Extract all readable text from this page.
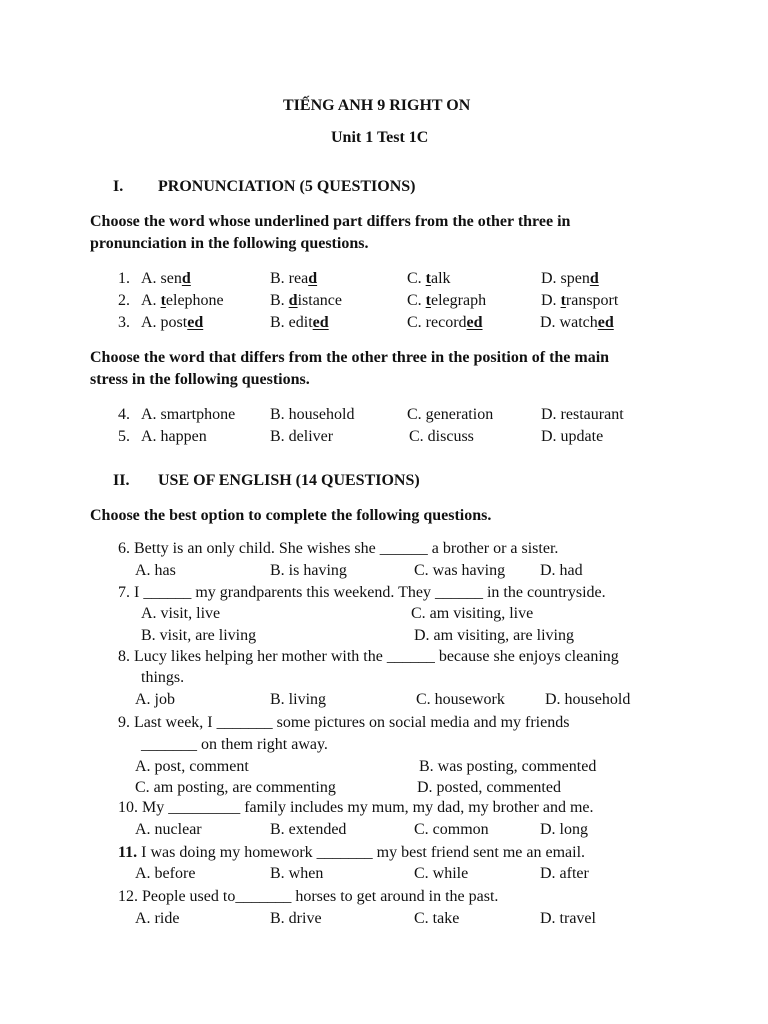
TIẾNG ANH 9 RIGHT ON
Unit 1 Test 1C
I. PRONUNCIATION (5 QUESTIONS)
Choose the word whose underlined part differs from the other three in
pronunciation in the following questions.
1. A. send	B. read	C. talk	D. spend
2. A. telephone	B. distance	C. telegraph	D. transport
3. A. posted	B. edited	C. recorded	D. watched
Choose the word that differs from the other three in the position of the main
stress in the following questions.
4. A. smartphone B. household	C. generation	D. restaurant
5. A. happen	B. deliver	C. discuss	D. update
II. USE OF ENGLISH (14 QUESTIONS)
Choose the best option to complete the following questions.
6. Betty is an only child. She wishes she ______ a brother or a sister.
A. has	B. is having	C. was having D. had
7. I ______ my grandparents this weekend. They ______ in the countryside.
A. visit, live	C. am visiting, live
B. visit, are living	D. am visiting, are living
8. Lucy likes helping her mother with the ______ because she enjoys cleaning
things.
A. job	B. living	C. housework	D. household
9. Last week, I _______ some pictures on social media and my friends
_______ on them right away.
A. post, comment	B. was posting, commented
C. am posting, are commenting	D. posted, commented
10. My _________ family includes my mum, my dad, my brother and me.
A. nuclear	B. extended	C. common	D. long
11. I was doing my homework _______ my best friend sent me an email.
A. before	B. when	C. while	D. after
12. People used to_______ horses to get around in the past.
A. ride	B. drive	C. take	D. travel
